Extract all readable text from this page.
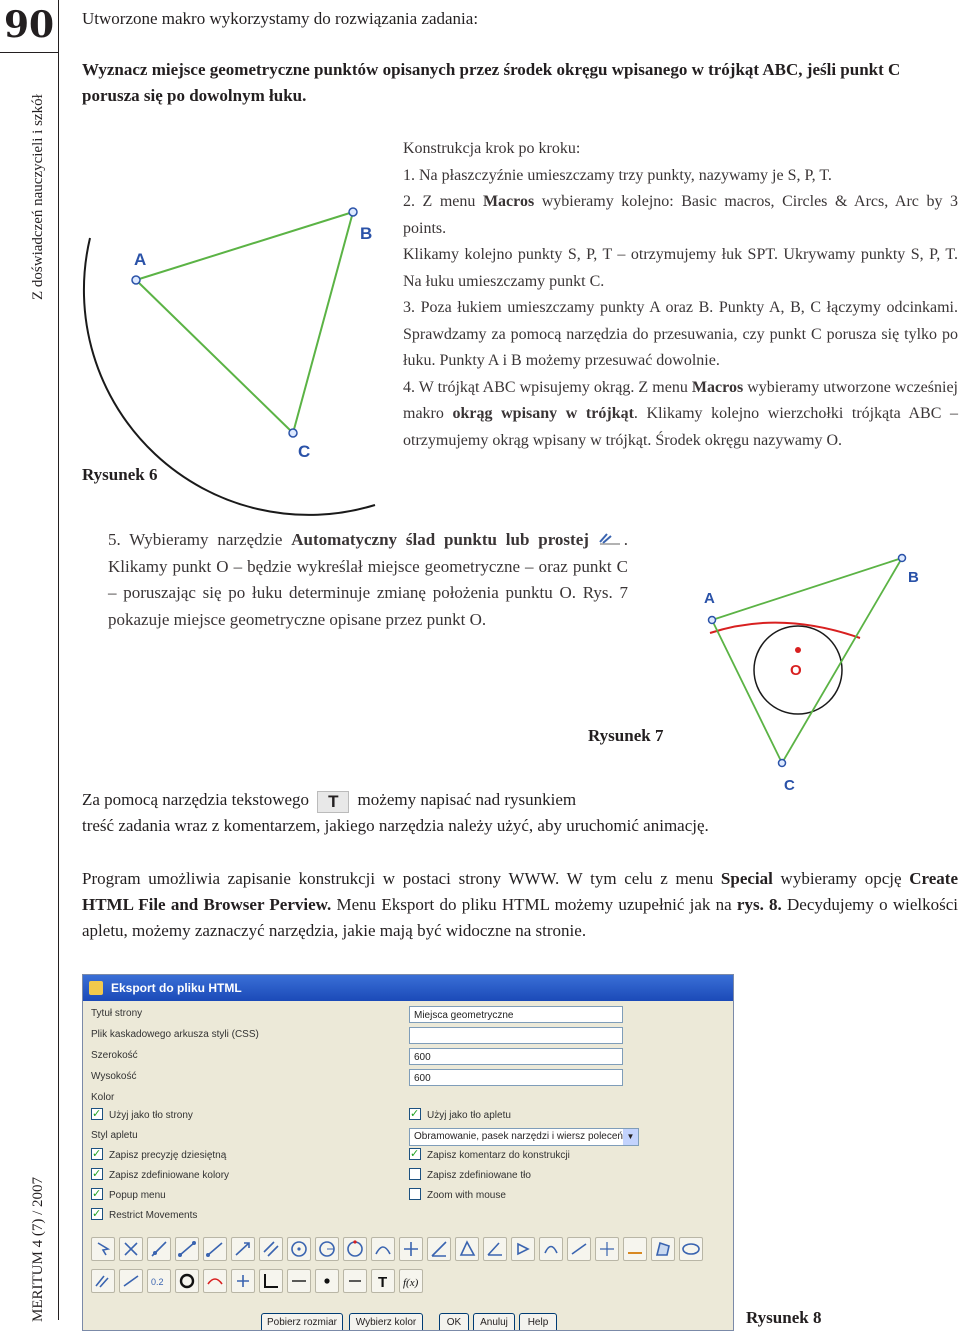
90
Z doświadczeń nauczycieli i szkół
MERITUM 4 (7) / 2007
Utworzone makro wykorzystamy do rozwiązania zadania:
Wyznacz miejsce geometryczne punktów opisanych przez środek okręgu wpisanego w trójkąt ABC, jeśli punkt C porusza się po dowolnym łuku.
A
B
C
Rysunek 6

Konstrukcja krok po kroku:

1. Na płaszczyźnie umieszczamy trzy punkty, nazywamy je S, P, T.

2. Z menu Macros wybieramy kolejno: Basic macros, Circles & Arcs, Arc by 3 points.

Klikamy kolejno punkty S, P, T – otrzymujemy łuk SPT. Ukrywamy punkty S, P, T. Na łuku umieszczamy punkt C.

3. Poza łukiem umieszczamy punkty A oraz B. Punkty A, B, C łączymy odcinkami. Sprawdzamy za pomocą narzędzia do przesuwania, czy punkt C porusza się tylko po łuku. Punkty A i B możemy przesuwać dowolnie.

4. W trójkąt ABC wpisujemy okrąg. Z menu Macros wybieramy utworzone wcześniej makro okrąg wpisany w trójkąt. Klikamy kolejno wierzchołki trójkąta ABC – otrzymujemy okrąg wpisany w trójkąt. Środek okręgu nazywamy O.

5. Wybieramy narzędzie Automatyczny ślad punktu lub prostej . Klikamy punkt O – będzie wykreślał miejsce geometryczne – oraz punkt C – poruszając się po łuku determinuje zmianę położenia punktu O. Rys. 7 pokazuje miejsce geometryczne opisane przez punkt O.
A
B
C
O
Rysunek 7
Za pomocą narzędzia tekstowego T możemy napisać nad rysunkiem
treść zadania wraz z komentarzem, jakiego narzędzia należy użyć, aby uruchomić animację.
Program umożliwia zapisanie konstrukcji w postaci strony WWW. W tym celu z menu Special wybieramy opcję Create HTML File and Browser Perview. Menu Eksport do pliku HTML możemy uzupełnić jak na rys. 8. Decydujemy o wielkości apletu, możemy zaznaczyć narzędzia, jakie mają być widoczne na stronie.
Eksport do pliku HTML
Tytuł strony	Miejsca geometryczne
Plik kaskadowego arkusza styli (CSS)
Szerokość	600
Wysokość	600
Kolor
✓Użyj jako tło strony ✓	Użyj jako tło apletu
Styl apletu	Obramowanie, pasek narzędzi i wiersz poleceń ▼
✓Zapisz precyzję dziesiętną ✓	Zapisz komentarz do konstrukcji
✓Zapisz zdefiniowane kolory	Zapisz zdefiniowane tło
✓Popup menu	Zoom with mouse
✓Restrict Movements
0.2	T f(x)
Pobierz rozmiar	Wybierz kolor	OK	Anuluj	Help	Rysunek 8
